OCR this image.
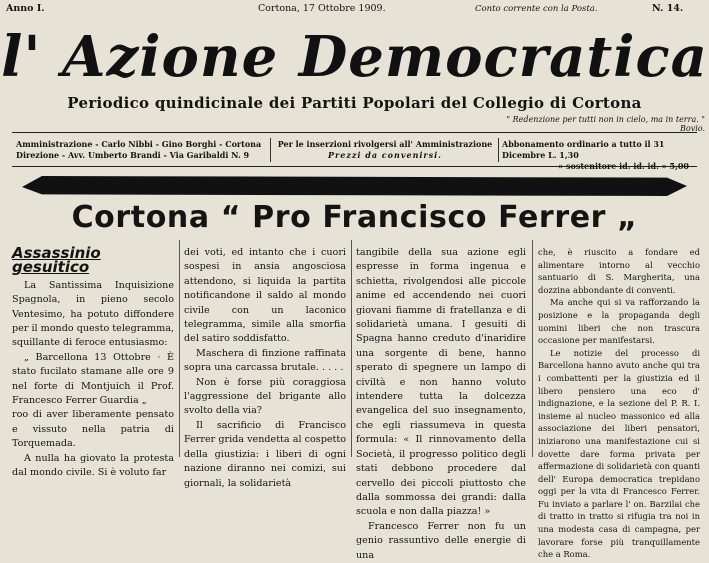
Anno I.	Cortona, 17 Ottobre 1909.	Conto corrente con la Posta.	N. 14.
l' Azione Democratica
Periodico quindicinale dei Partiti Popolari del Collegio di Cortona
" Redenzione per tutti non in cielo, ma in terra. " Bovio.
Amministrazione - Carlo Nibbi - Gino Borghi - Cortona
Direzione - Avv. Umberto Brandi - Via Garibaldi N. 9
Per le inserzioni rivolgersi all' Amministrazione
Prezzi da convenirsi.
Abbonamento ordinario a tutto il 31 Dicembre L. 1,30
» sostenitore id. id. id. » 5,00
Cortona “ Pro Francisco Ferrer „

Assassinio gesuitico

La Santissima Inquisizione Spagnola, in pieno secolo Ventesimo, ha potuto diffondere per il mondo questo telegramma, squillante di feroce entusiasmo:

„ Barcellona 13 Ottobre · È stato fucilato stamane alle ore 9 nel forte di Montjuich il Prof. Francesco Ferrer Guardia „

roo di aver liberamente pensato e vissuto nella patria di Torquemada.

A nulla ha giovato la protesta dal mondo civile. Si è voluto far

dei voti, ed intanto che i cuori sospesi in ansia angosciosa attendono, si liquida la partita notificandone il saldo al mondo civile con un laconico telegramma, simile alla smorfia del satiro soddisfatto.

Maschera di finzione raffinata sopra una carcassa brutale. . . . .

Non è forse più coraggiosa l'aggressione del brigante allo svolto della via?

Il sacrificio di Francisco Ferrer grida vendetta al cospetto della giustizia: i liberi di ogni nazione diranno nei comizi, sui giornali, la solidarietà

tangibile della sua azione egli espresse in forma ingenua e schietta, rivolgendosi alle piccole anime ed accendendo nei cuori giovani fiamme di fratellanza e di solidarietà umana. I gesuiti di Spagna hanno creduto d'inaridire una sorgente di bene, hanno sperato di spegnere un lampo di civiltà e non hanno voluto intendere tutta la dolcezza evangelica del suo insegnamento, che egli riassumeva in questa formula: « Il rinnovamento della Società, il progresso politico degli stati debbono procedere dal cervello dei piccoli piuttosto che dalla sommossa dei grandi: dalla scuola e non dalla piazza! »

Francesco Ferrer non fu un genio rassuntivo delle energie di una

che, è riuscito a fondare ed alimentare intorno al vecchio santuario di S. Margherita, una dozzina abbondante di conventi.

Ma anche qui si va rafforzando la posizione e la propaganda degli uomini liberi che non trascura occasione per manifestarsi.

Le notizie del processo di Barcellona hanno avuto anche qui tra i combattenti per la giustizia ed il libero pensiero una eco d' indignazione, e la sezione del P. R. I. insieme al nucleo massonico ed alla associazione dei liberi pensatori, iniziarono una manifestazione cui si dovette dare forma privata per affermazione di solidarietà con quanti dell' Europa democratica trepidano oggi per la vita di Francesco Ferrer. Fu inviato a parlare l' on. Barzilai che di tratto in tratto si rifugia tra noi in una modesta casa di campagna, per lavorare forse più tranquillamente che a Roma.
